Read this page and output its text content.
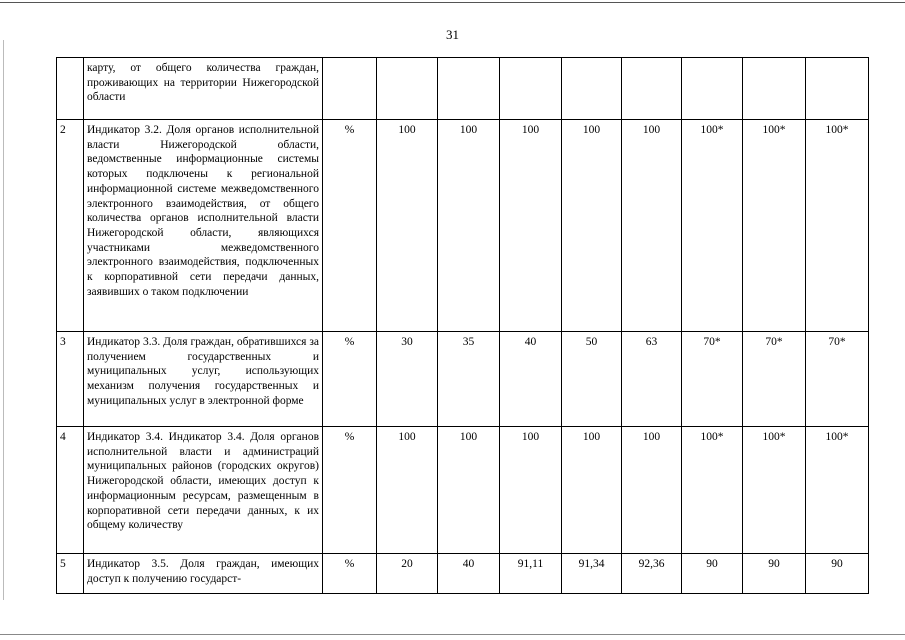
31
	карту, от общего количества граждан, проживающих на территории Нижегородской области									
2	Индикатор 3.2. Доля органов исполнительной власти Нижегородской области, ведомственные информационные системы которых подключены к региональной информационной системе межведомственного электронного взаимодействия, от общего количества органов исполнительной власти Нижегородской области, являющихся участниками межведомственного электронного взаимодействия, подключенных к корпоративной сети передачи данных, заявивших о таком подключении	%	100	100	100	100	100	100*	100*	100*
3	Индикатор 3.3. Доля граждан, обратившихся за получением государственных и муниципальных услуг, использующих механизм получения государственных и муниципальных услуг в электронной форме	%	30	35	40	50	63	70*	70*	70*
4	Индикатор 3.4. Индикатор 3.4. Доля органов исполнительной власти и администраций муниципальных районов (городских округов) Нижегородской области, имеющих доступ к информационным ресурсам, размещенным в корпоративной сети передачи данных, к их общему количеству	%	100	100	100	100	100	100*	100*	100*
5	Индикатор 3.5. Доля граждан, имеющих доступ к получению государст-	%	20	40	91,11	91,34	92,36	90	90	90
